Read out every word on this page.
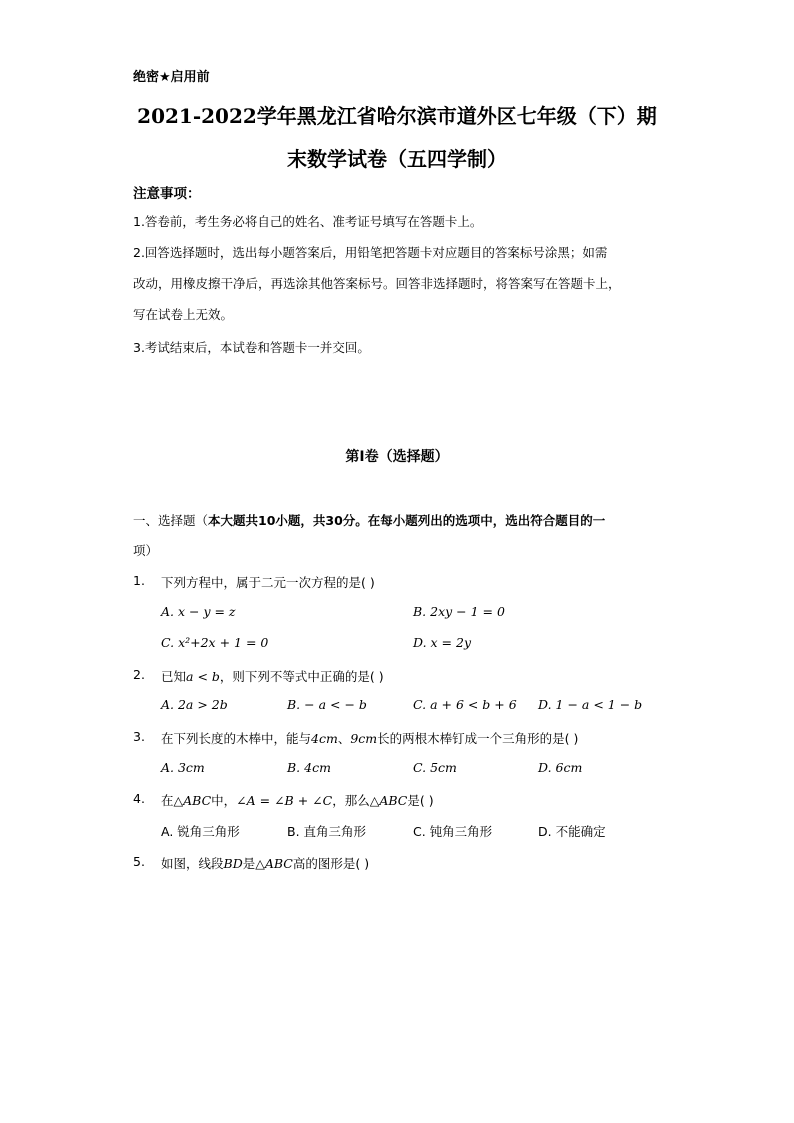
绝密★启用前
2021-2022学年黑龙江省哈尔滨市道外区七年级（下）期
末数学试卷（五四学制）
注意事项：
1.答卷前，考生务必将自己的姓名、准考证号填写在答题卡上。
2.回答选择题时，选出每小题答案后，用铅笔把答题卡对应题目的答案标号涂黑；如需
改动，用橡皮擦干净后，再选涂其他答案标号。回答非选择题时，将答案写在答题卡上，
写在试卷上无效。
3.考试结束后，本试卷和答题卡一并交回。
第Ⅰ卷（选择题）
一、选择题（本大题共10小题，共30分。在每小题列出的选项中，选出符合题目的一
项）
1. 下列方程中，属于二元一次方程的是( )
A. x − y = z	B. 2xy − 1 = 0
C. x²+2x + 1 = 0	D. x = 2y
2. 已知a < b，则下列不等式中正确的是( )
A. 2a > 2b	B. − a < − b	C. a + 6 < b + 6 D. 1 − a < 1 − b
3. 在下列长度的木棒中，能与4cm、9cm长的两根木棒钉成一个三角形的是( )
A. 3cm	B. 4cm	C. 5cm	D. 6cm
4. 在△ABC中，∠A = ∠B + ∠C，那么△ABC是( )
A. 锐角三角形	B. 直角三角形	C. 钝角三角形	D. 不能确定
5. 如图，线段BD是△ABC高的图形是( )
